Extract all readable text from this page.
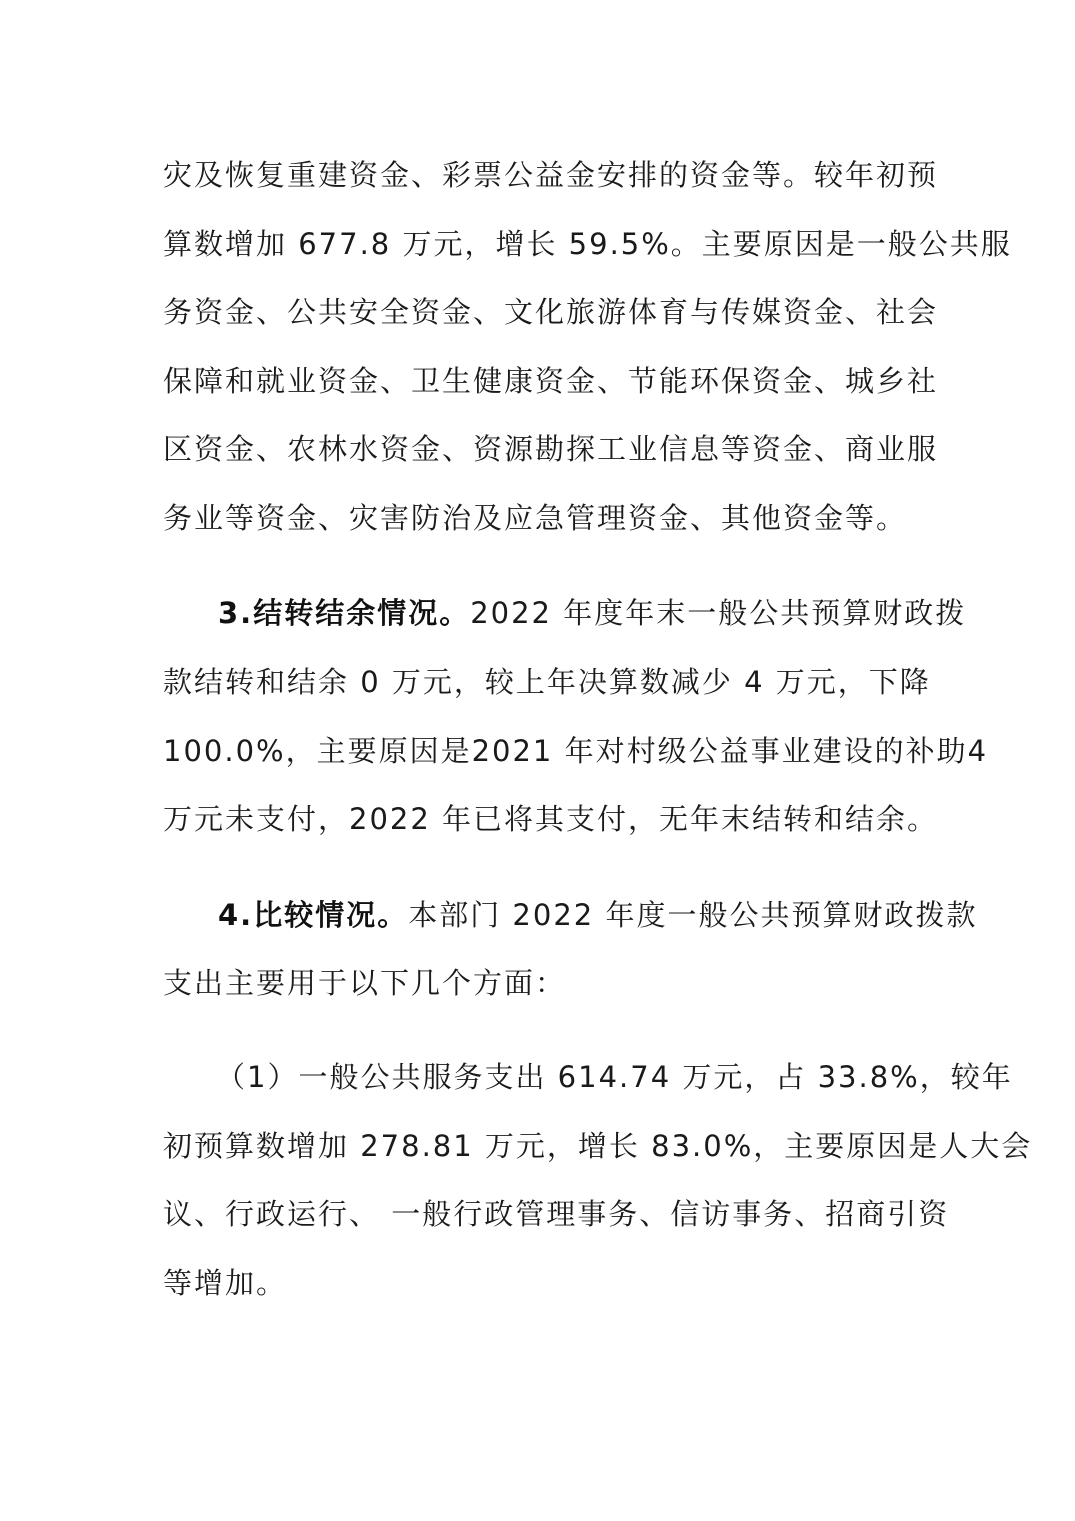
灾及恢复重建资金、彩票公益金安排的资金等。较年初预
算数增加 677.8 万元，增长 59.5%。主要原因是一般公共服
务资金、公共安全资金、文化旅游体育与传媒资金、社会
保障和就业资金、卫生健康资金、节能环保资金、城乡社
区资金、农林水资金、资源勘探工业信息等资金、商业服
务业等资金、灾害防治及应急管理资金、其他资金等。
3.结转结余情况。2022 年度年末一般公共预算财政拨
款结转和结余 0 万元，较上年决算数减少 4 万元，下降
100.0%，主要原因是2021 年对村级公益事业建设的补助4
万元未支付，2022 年已将其支付，无年末结转和结余。
4.比较情况。本部门 2022 年度一般公共预算财政拨款
支出主要用于以下几个方面：
（1）一般公共服务支出 614.74 万元，占 33.8%，较年
初预算数增加 278.81 万元，增长 83.0%，主要原因是人大会
议、行政运行、 一般行政管理事务、信访事务、招商引资
等增加。
